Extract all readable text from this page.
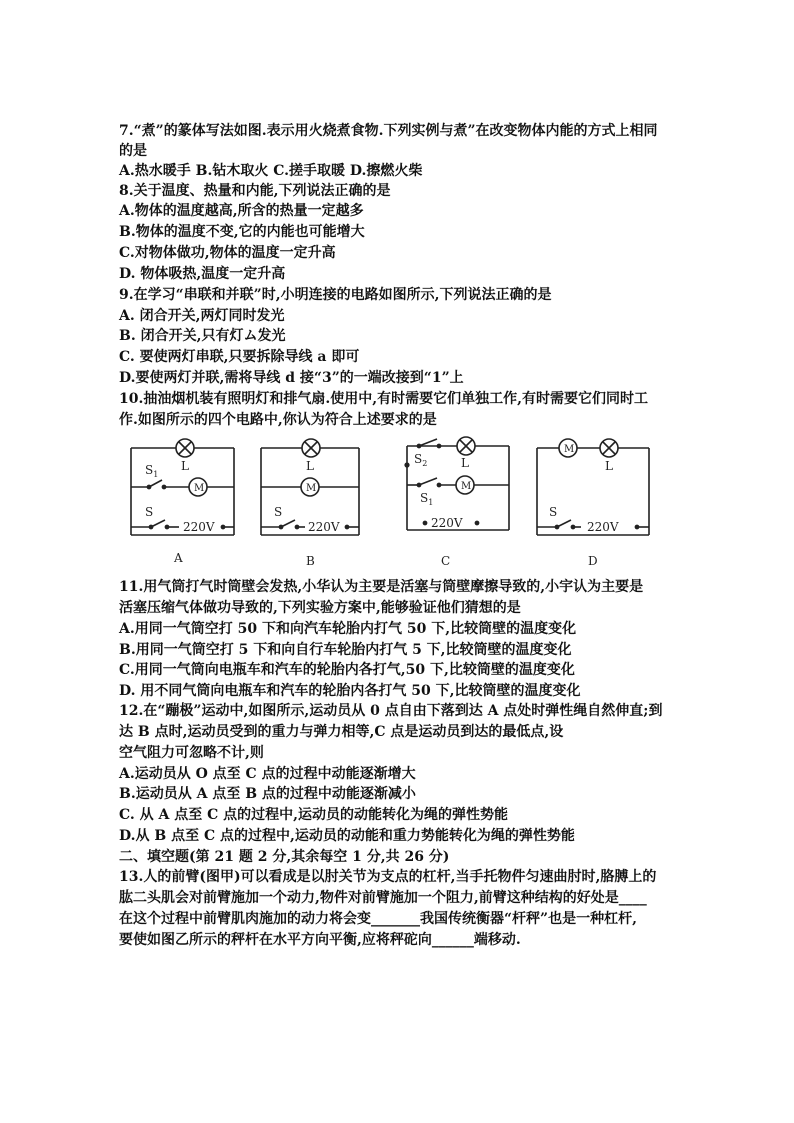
7.“煮”的篆体写法如图.表示用火烧煮食物.下列实例与煮”在改变物体内能的方式上相同
的是
A.热水暖手 B.钻木取火 C.搓手取暖 D.擦燃火柴
8.关于温度、热量和内能,下列说法正确的是
A.物体的温度越高,所含的热量一定越多
B.物体的温度不变,它的内能也可能增大
C.对物体做功,物体的温度一定升高
D. 物体吸热,温度一定升高
9.在学习“串联和并联”时,小明连接的电路如图所示,下列说法正确的是
A. 闭合开关,两灯同时发光
B. 闭合开关,只有灯ム发光
C. 要使两灯串联,只要拆除导线 a 即可
D.要使两灯并联,需将导线 d 接“3”的一端改接到“1”上
10.抽油烟机装有照明灯和排气扇.使用中,有时需要它们单独工作,有时需要它们同时工
作.如图所示的四个电路中,你认为符合上述要求的是
L
M
$S_1$
S
220V
A
L
M
S
220V
B
$S_2$	L
M
$S_1$
220V
C
M
L
S
220V
D
11.用气筒打气时筒壁会发热,小华认为主要是活塞与筒壁摩擦导致的,小宇认为主要是
活塞压缩气体做功导致的,下列实验方案中,能够验证他们猜想的是
A.用同一气筒空打 50 下和向汽车轮胎内打气 50 下,比较筒壁的温度变化
B.用同一气筒空打 5 下和向自行车轮胎内打气 5 下,比较筒壁的温度变化
C.用同一气筒向电瓶车和汽车的轮胎内各打气,50 下,比较筒壁的温度变化
D. 用不同气筒向电瓶车和汽车的轮胎内各打气 50 下,比较筒壁的温度变化
12.在“蹦极”运动中,如图所示,运动员从 0 点自由下落到达 A 点处时弹性绳自然伸直;到
达 B 点时,运动员受到的重力与弹力相等,C 点是运动员到达的最低点,设
空气阻力可忽略不计,则
A.运动员从 O 点至 C 点的过程中动能逐渐增大
B.运动员从 A 点至 B 点的过程中动能逐渐减小
C. 从 A 点至 C 点的过程中,运动员的动能转化为绳的弹性势能
D.从 B 点至 C 点的过程中,运动员的动能和重力势能转化为绳的弹性势能
二、填空题(第 21 题 2 分,其余每空 1 分,共 26 分)
13.人的前臂(图甲)可以看成是以肘关节为支点的杠杆,当手托物件匀速曲肘时,胳膊上的
肱二头肌会对前臂施加一个动力,物件对前臂施加一个阻力,前臂这种结构的好处是____
在这个过程中前臂肌肉施加的动力将会变_______我国传统衡器“杆秤”也是一种杠杆,
要使如图乙所示的秤杆在水平方向平衡,应将秤砣向______端移动.
